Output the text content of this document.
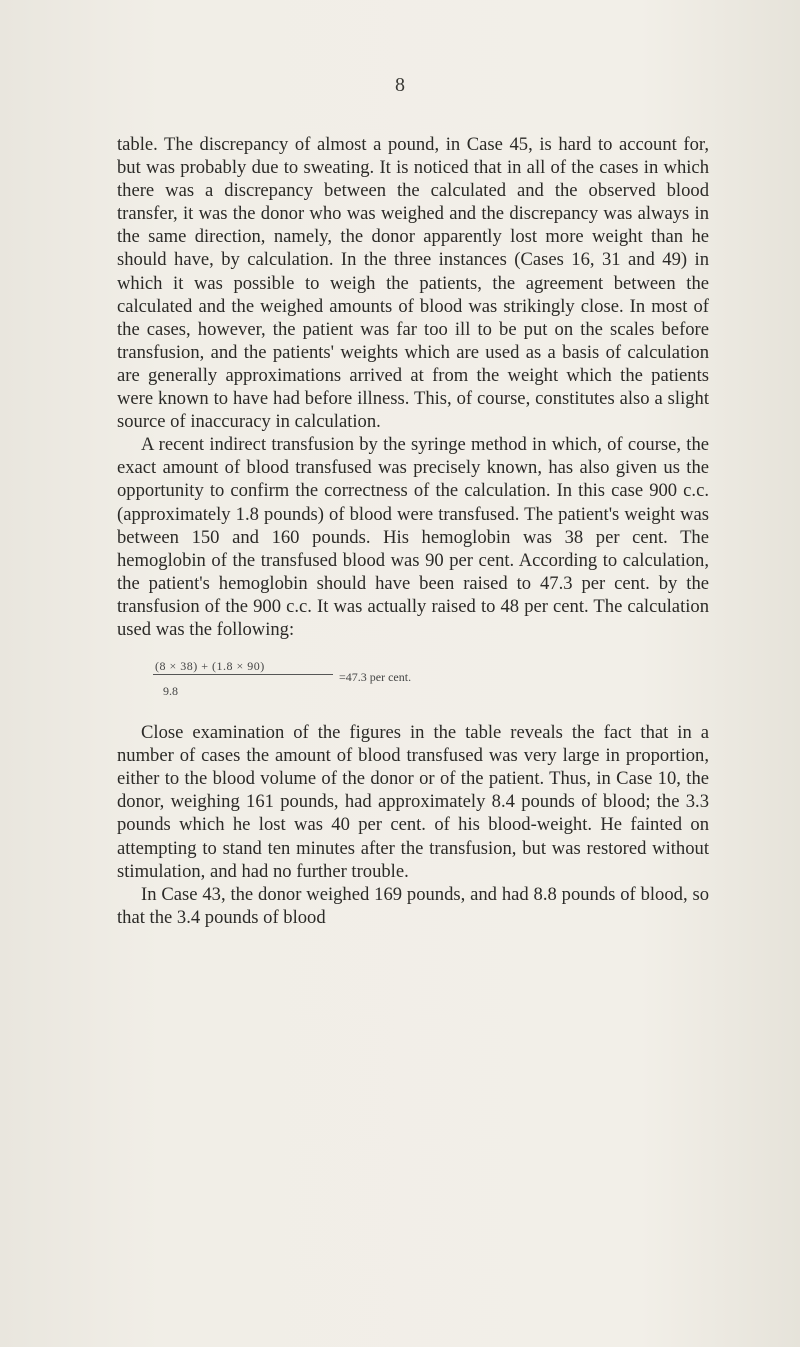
8

table. The discrepancy of almost a pound, in Case 45, is hard to account for, but was probably due to sweating. It is noticed that in all of the cases in which there was a discrepancy between the calculated and the observed blood transfer, it was the donor who was weighed and the discrepancy was always in the same direction, namely, the donor apparently lost more weight than he should have, by calculation. In the three instances (Cases 16, 31 and 49) in which it was possible to weigh the patients, the agreement between the calculated and the weighed amounts of blood was strikingly close. In most of the cases, however, the patient was far too ill to be put on the scales before transfusion, and the patients' weights which are used as a basis of calculation are generally approximations arrived at from the weight which the patients were known to have had before illness. This, of course, constitutes also a slight source of inaccuracy in calculation.

A recent indirect transfusion by the syringe method in which, of course, the exact amount of blood transfused was precisely known, has also given us the opportunity to confirm the correctness of the calculation. In this case 900 c.c. (approximately 1.8 pounds) of blood were transfused. The patient's weight was between 150 and 160 pounds. His hemoglobin was 38 per cent. The hemoglobin of the transfused blood was 90 per cent. According to calculation, the patient's hemoglobin should have been raised to 47.3 per cent. by the transfusion of the 900 c.c. It was actually raised to 48 per cent. The calculation used was the following:

(8 × 38) + (1.8 × 90)
=47.3 per cent.
9.8

Close examination of the figures in the table reveals the fact that in a number of cases the amount of blood transfused was very large in proportion, either to the blood volume of the donor or of the patient. Thus, in Case 10, the donor, weighing 161 pounds, had approximately 8.4 pounds of blood; the 3.3 pounds which he lost was 40 per cent. of his blood-weight. He fainted on attempting to stand ten minutes after the transfusion, but was restored without stimulation, and had no further trouble.

In Case 43, the donor weighed 169 pounds, and had 8.8 pounds of blood, so that the 3.4 pounds of blood
